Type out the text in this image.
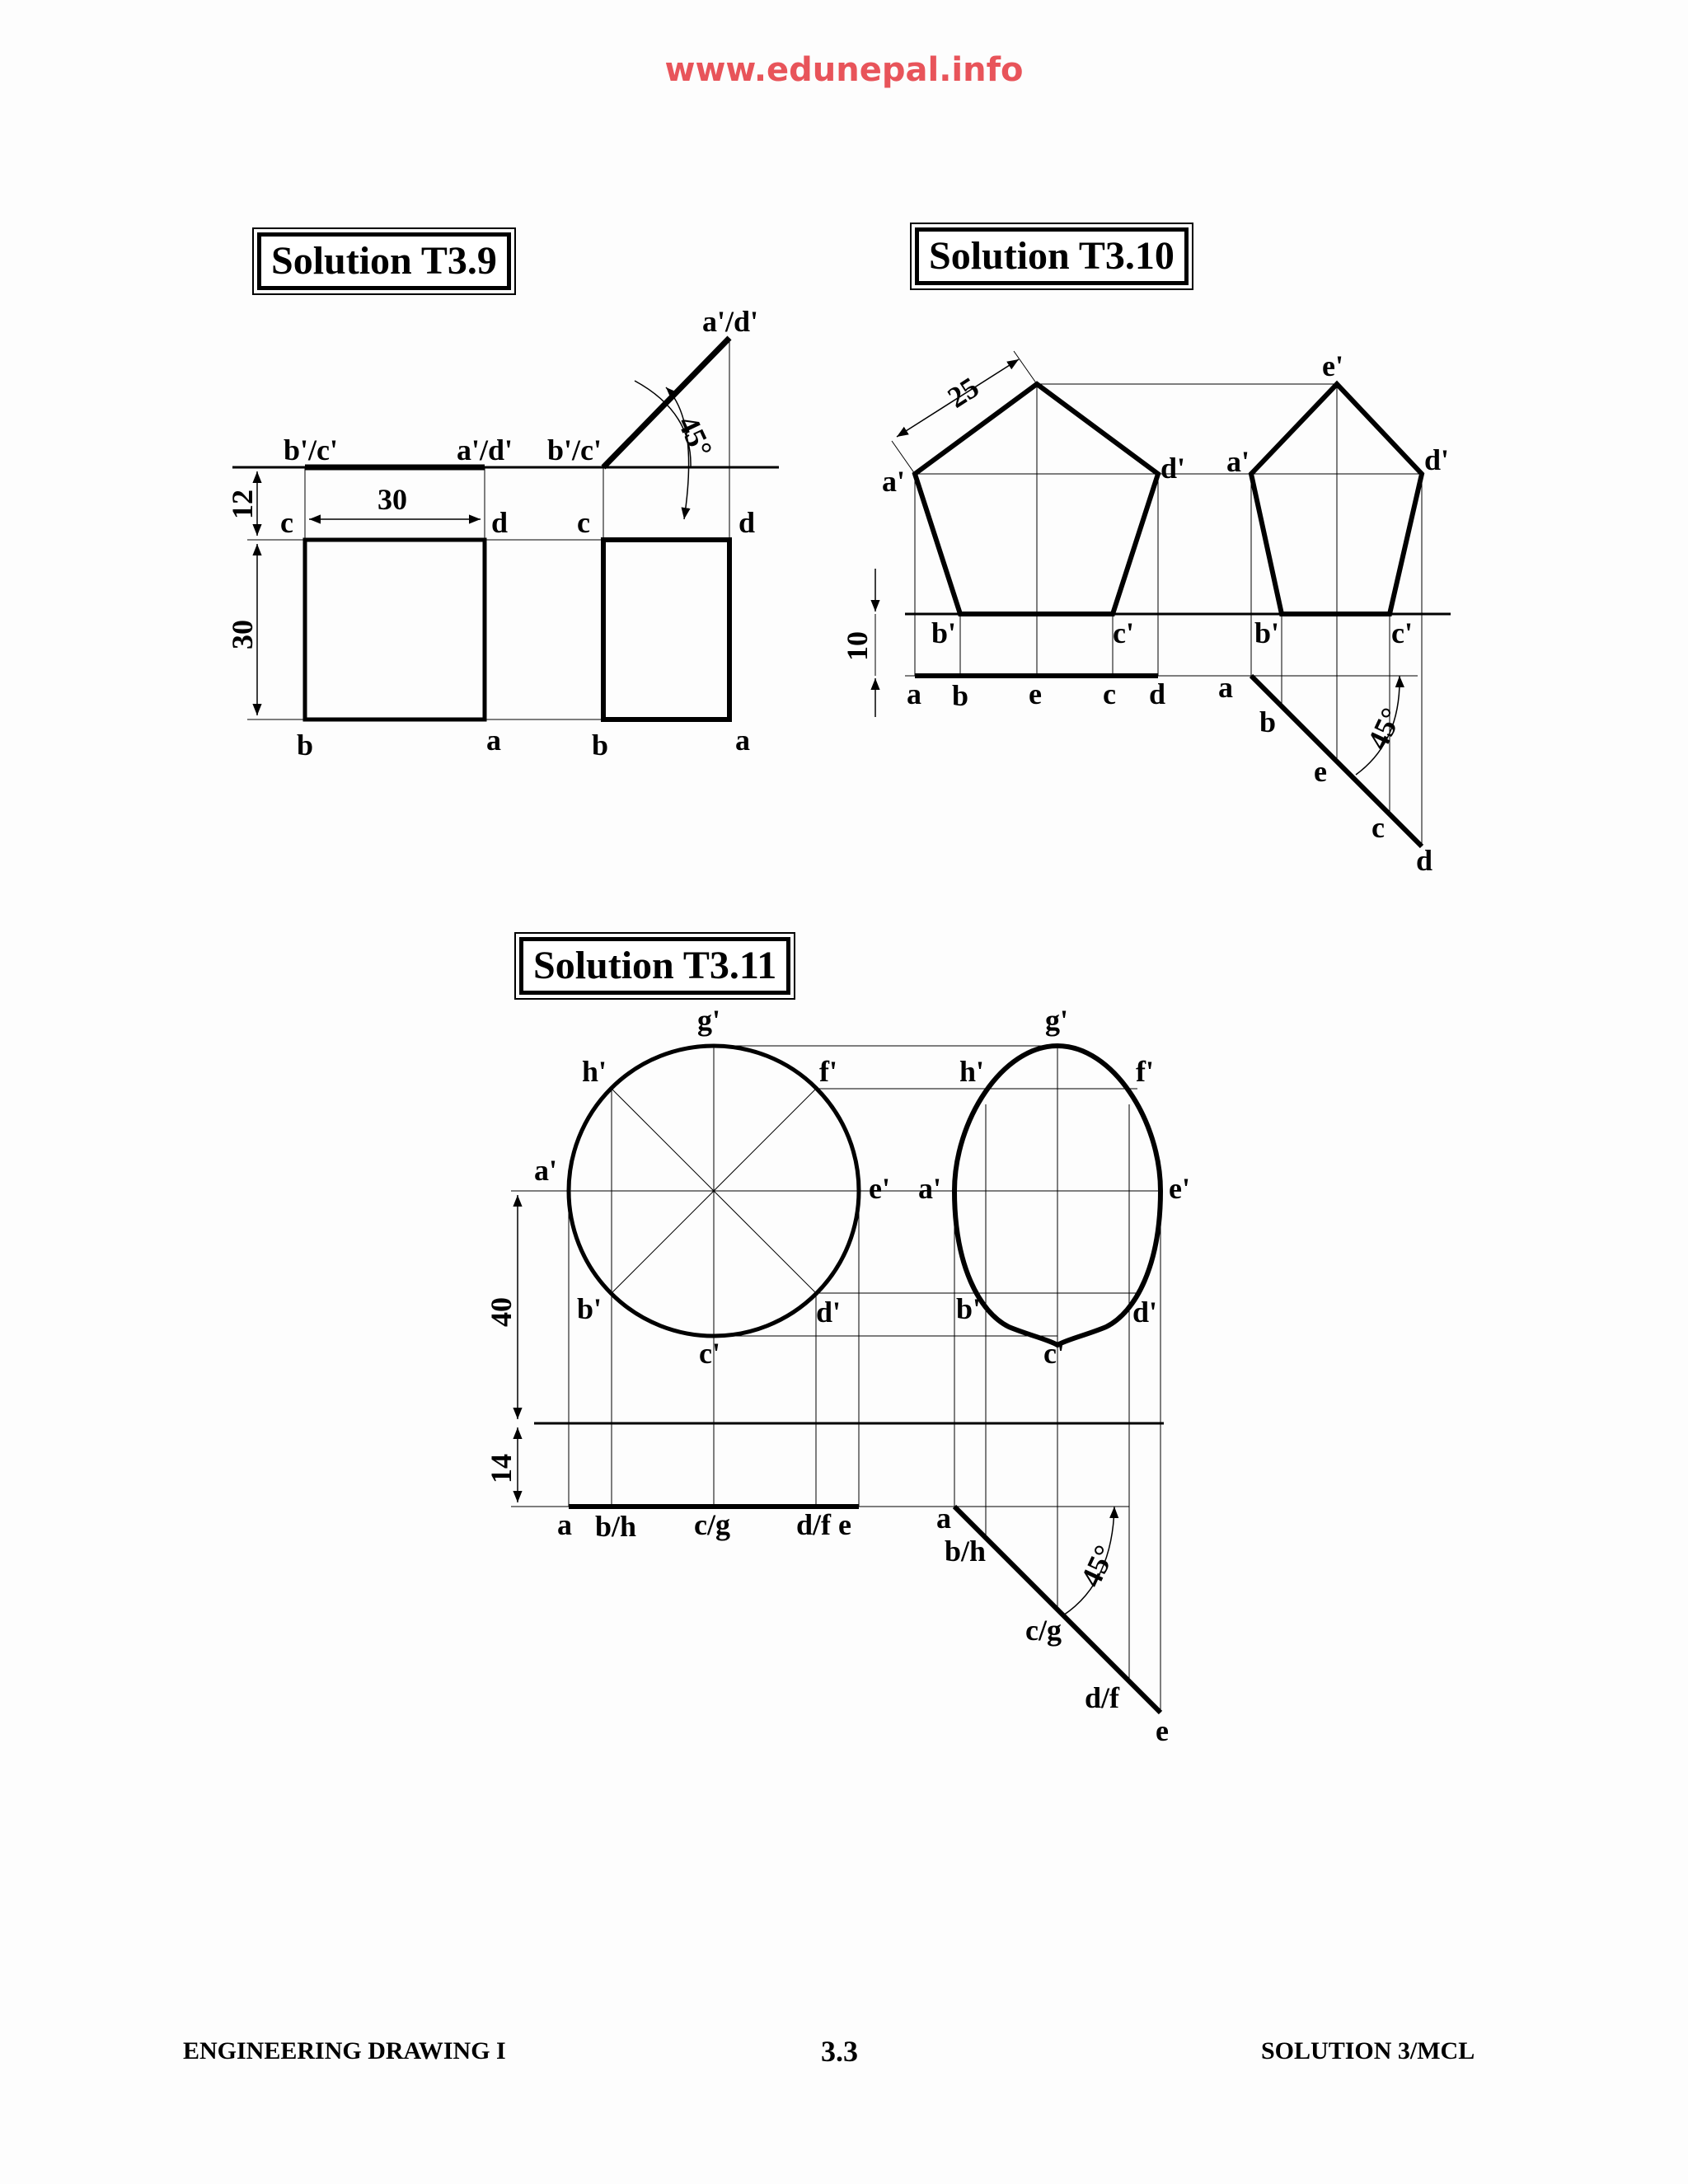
www.edunepal.info
b'/c'	a'/d' b'/c'
a'/d'
45°
c	d c	d
b	a	b	a
12	30
30
a'
b'	c'
d' a'
b'	c'
d'
e'
a b e c d a
b
e
c
d
45°
25
10
g'
h'	f'
a'
e'
b'	d'
c'
g'
h'	f'
a'	e'
b'	d'
c'
a b/h c/g d/f e	a
b/h
c/g
d/f
e
45°
40
14
Solution T3.9	Solution T3.10
Solution T3.11
ENGINEERING DRAWING I	3.3	SOLUTION 3/MCL
